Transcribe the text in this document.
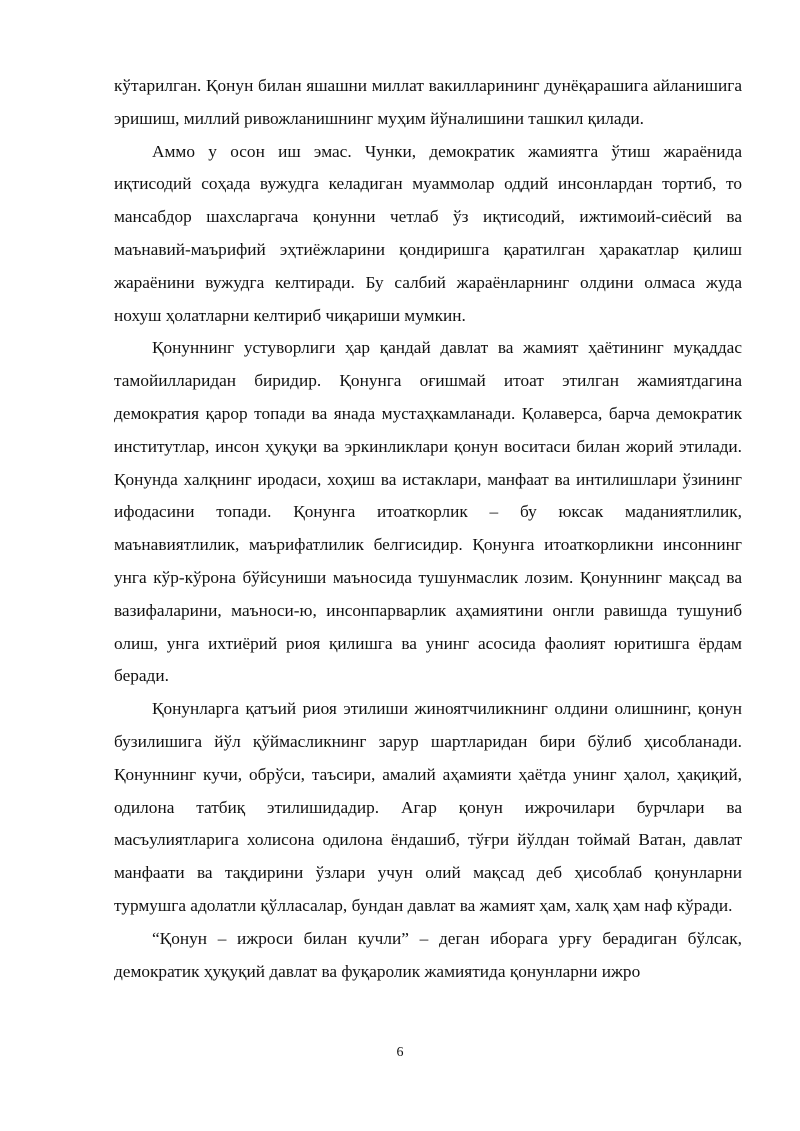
кўтарилган. Қонун билан яшашни миллат вакилларининг дунёқарашига айланишига эришиш, миллий ривожланишнинг муҳим йўналишини ташкил қилади.

Аммо у осон иш эмас. Чунки, демократик жамиятга ўтиш жараёнида иқтисодий соҳада вужудга келадиган муаммолар оддий инсонлардан тортиб, то мансабдор шахсларгача қонунни четлаб ўз иқтисодий, ижтимоий-сиёсий ва маънавий-маърифий эҳтиёжларини қондиришга қаратилган ҳаракатлар қилиш жараёнини вужудга келтиради. Бу салбий жараёнларнинг олдини олмаса жуда нохуш ҳолатларни келтириб чиқариши мумкин.

Қонуннинг устуворлиги ҳар қандай давлат ва жамият ҳаётининг муқаддас тамойилларидан биридир. Қонунга оғишмай итоат этилган жамиятдагина демократия қарор топади ва янада мустаҳкамланади. Қолаверса, барча демократик институтлар, инсон ҳуқуқи ва эркинликлари қонун воситаси билан жорий этилади. Қонунда халқнинг иродаси, хоҳиш ва истаклари, манфаат ва интилишлари ўзининг ифодасини топади. Қонунга итоаткорлик – бу юксак маданиятлилик, маънавиятлилик, маърифатлилик белгисидир. Қонунга итоаткорликни инсоннинг унга кўр-кўрона бўйсуниши маъносида тушунмаслик лозим. Қонуннинг мақсад ва вазифаларини, маъноси-ю, инсонпарварлик аҳамиятини онгли равишда тушуниб олиш, унга ихтиёрий риоя қилишга ва унинг асосида фаолият юритишга ёрдам беради.

Қонунларга қатъий риоя этилиши жиноятчиликнинг олдини олишнинг, қонун бузилишига йўл қўймасликнинг зарур шартларидан бири бўлиб ҳисобланади. Қонуннинг кучи, обрўси, таъсири, амалий аҳамияти ҳаётда унинг ҳалол, ҳақиқий, одилона татбиқ этилишидадир. Агар қонун ижрочилари бурчлари ва масъулиятларига холисона одилона ёндашиб, тўғри йўлдан тоймай Ватан, давлат манфаати ва тақдирини ўзлари учун олий мақсад деб ҳисоблаб қонунларни турмушга адолатли қўлласалар, бундан давлат ва жамият ҳам, халқ ҳам наф кўради.

“Қонун – ижроси билан кучли” – деган иборага урғу берадиган бўлсак, демократик ҳуқуқий давлат ва фуқаролик жамиятида қонунларни ижро

6
